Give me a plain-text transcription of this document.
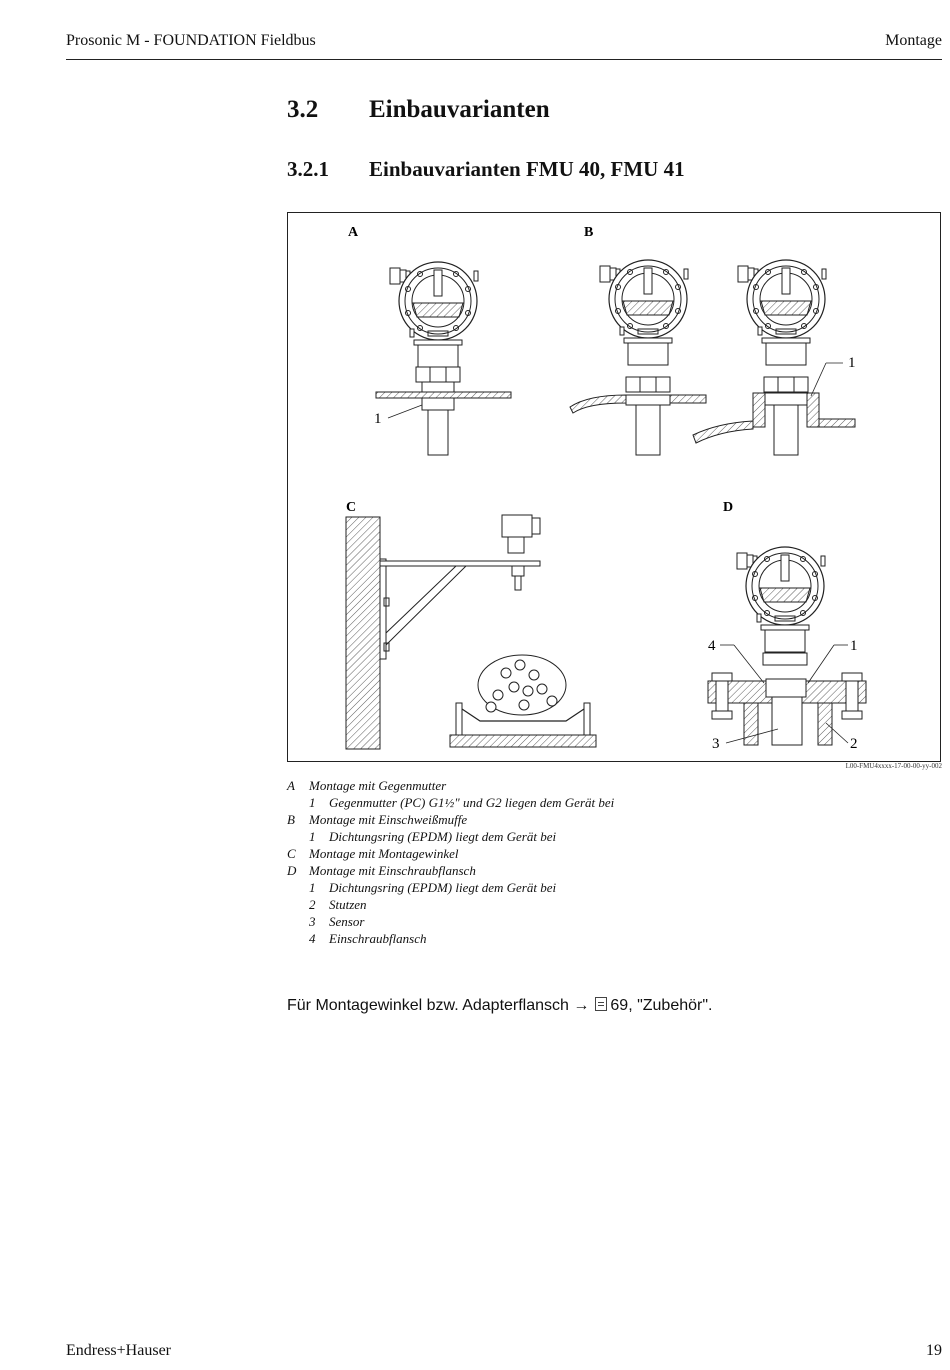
Prosonic M - FOUNDATION Fieldbus	Montage
3.2 Einbauvarianten
3.2.1 Einbauvarianten FMU 40, FMU 41
A	B
C	D
1
1
4	1
3	2
L00-FMU4xxxx-17-00-00-yy-002
A Montage mit Gegenmutter
1 Gegenmutter (PC) G1½" und G2 liegen dem Gerät bei
B Montage mit Einschweißmuffe
1 Dichtungsring (EPDM) liegt dem Gerät bei
C Montage mit Montagewinkel
D Montage mit Einschraubflansch
1 Dichtungsring (EPDM) liegt dem Gerät bei
2 Stutzen
3 Sensor
4 Einschraubflansch
Für Montagewinkel bzw. Adapterflansch → 69, "Zubehör".
Endress+Hauser	19
